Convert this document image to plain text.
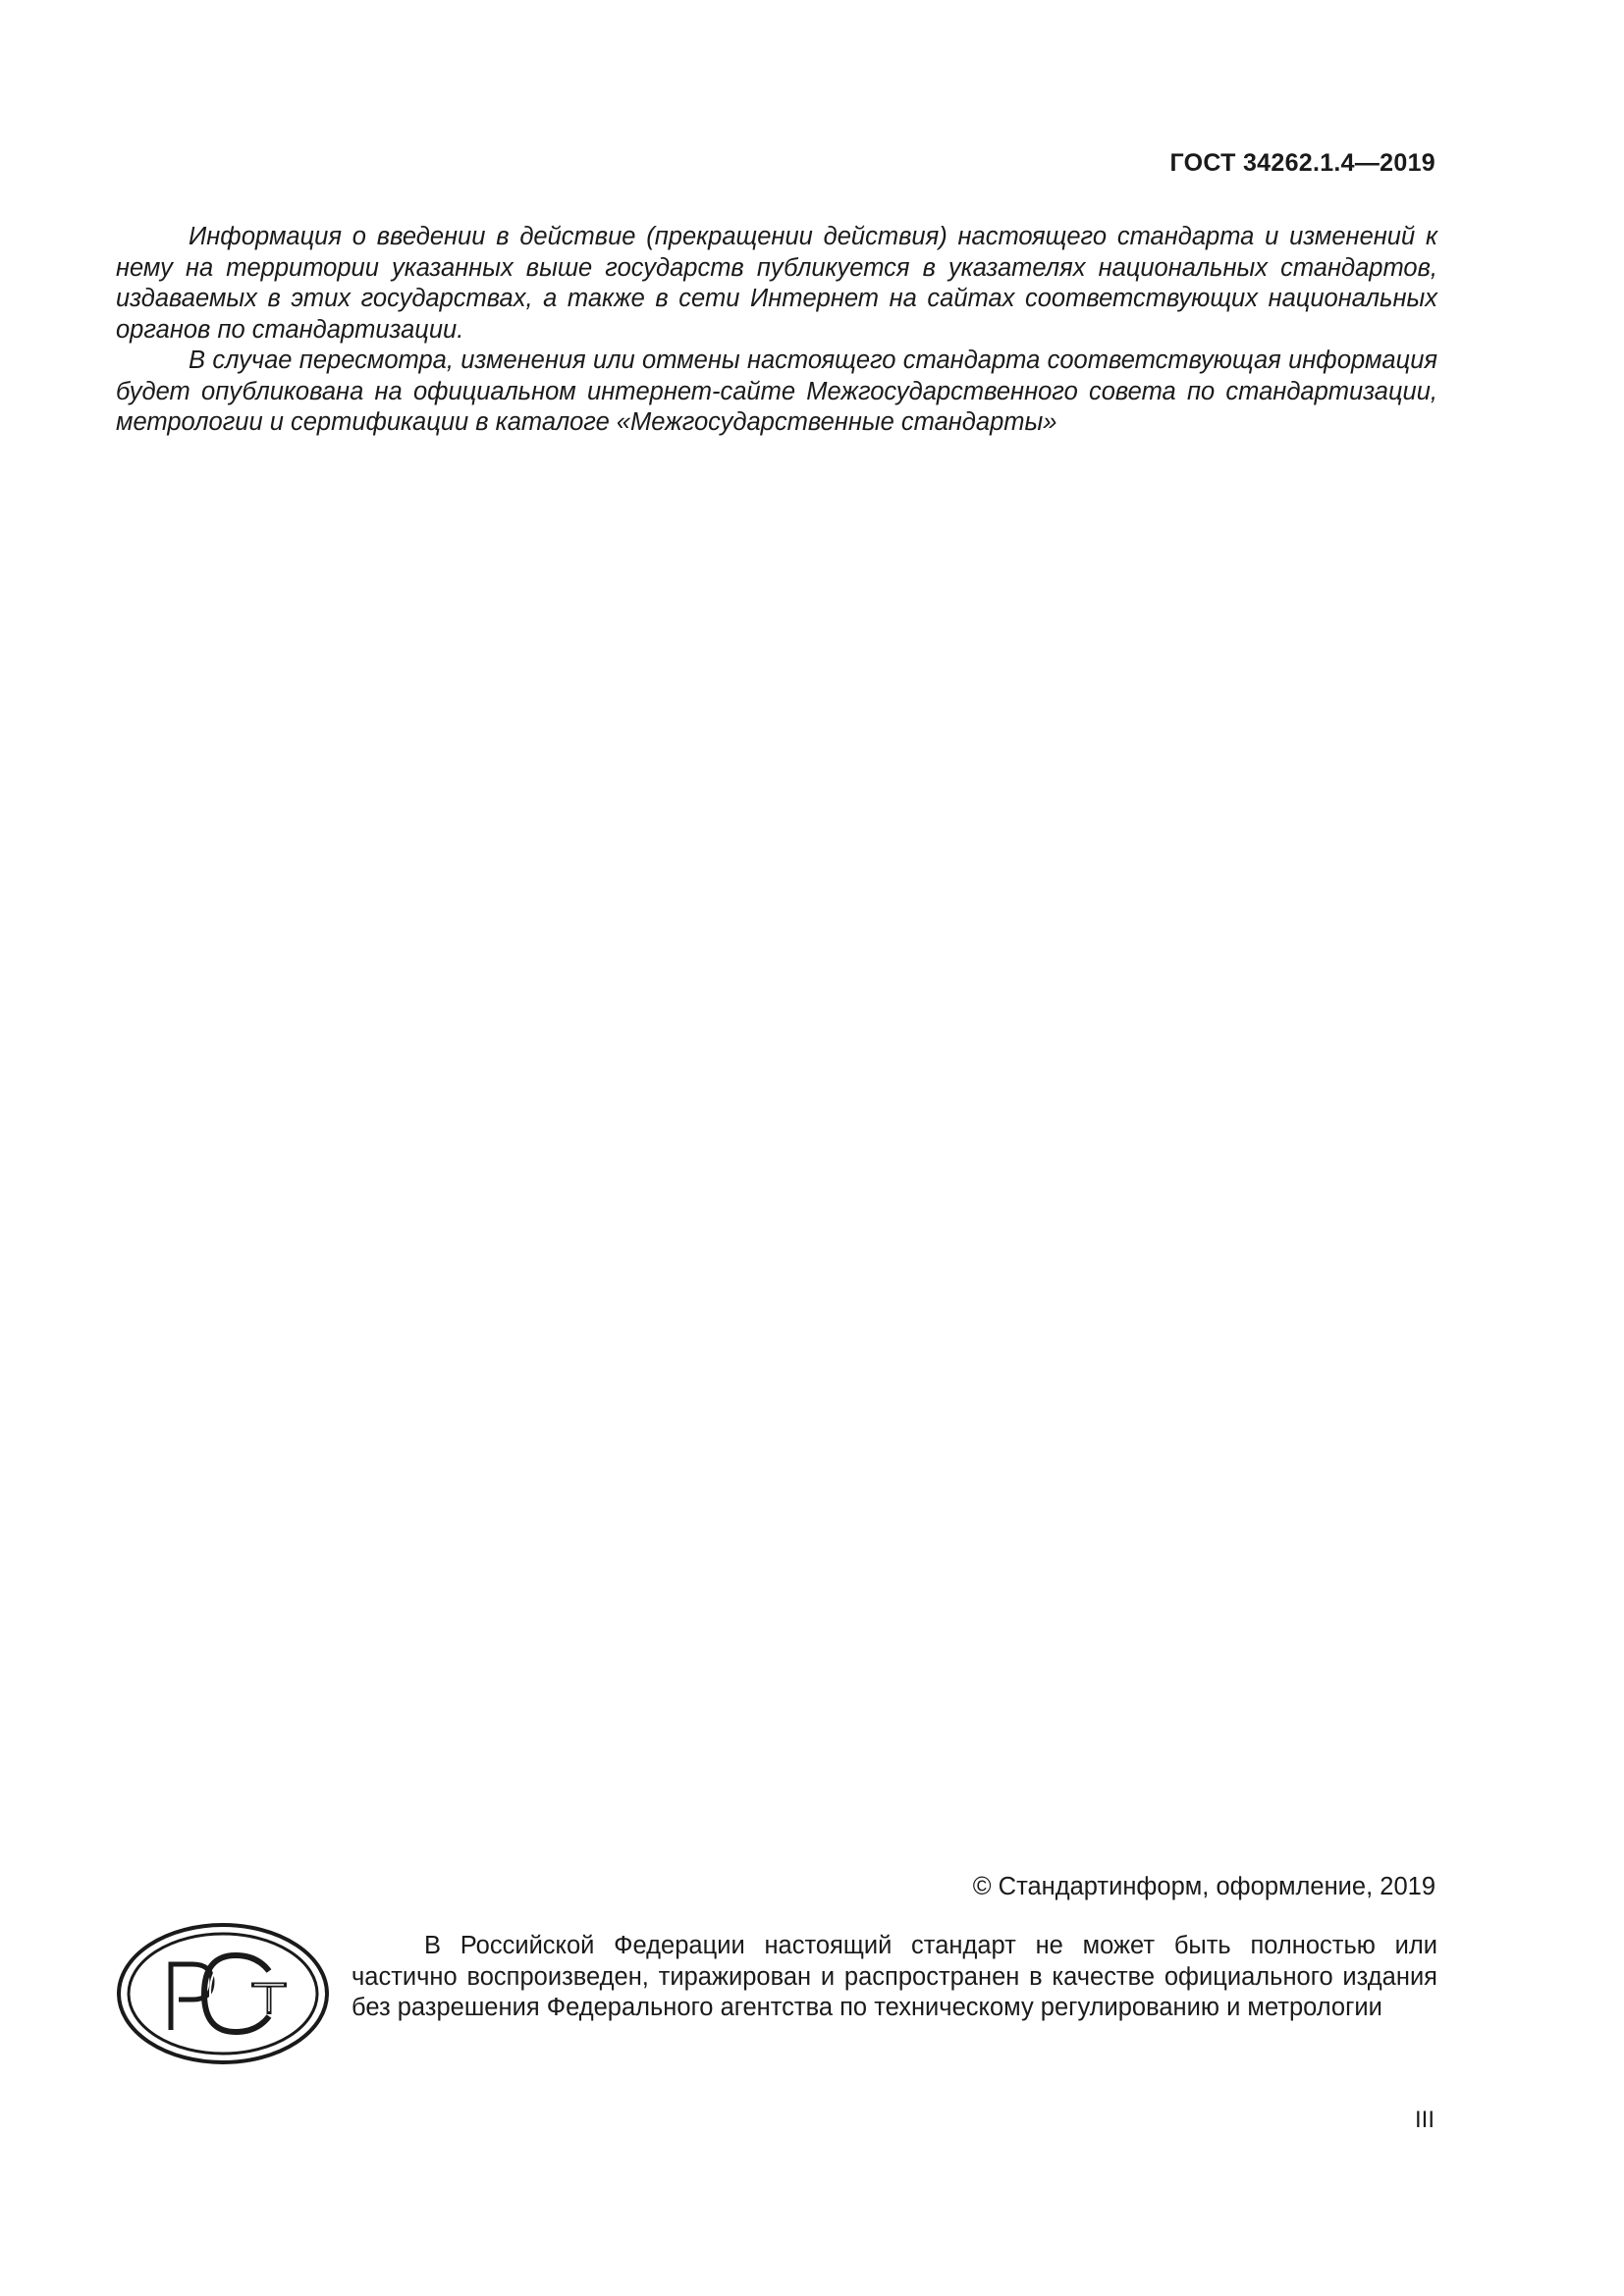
ГОСТ 34262.1.4—2019

Информация о введении в действие (прекращении действия) настоящего стандарта и изменений к нему на территории указанных выше государств публикуется в указателях национальных стандартов, издаваемых в этих государствах, а также в сети Интернет на сайтах соответствующих национальных органов по стандартизации.

В случае пересмотра, изменения или отмены настоящего стандарта соответствующая информация будет опубликована на официальном интернет-сайте Межгосударственного совета по стандартизации, метрологии и сертификации в каталоге «Межгосударственные стандарты»

© Стандартинформ, оформление, 2019

В Российской Федерации настоящий стандарт не может быть полностью или частично воспроизведен, тиражирован и распространен в качестве официального издания без разрешения Федерального агентства по техническому регулированию и метрологии

III
